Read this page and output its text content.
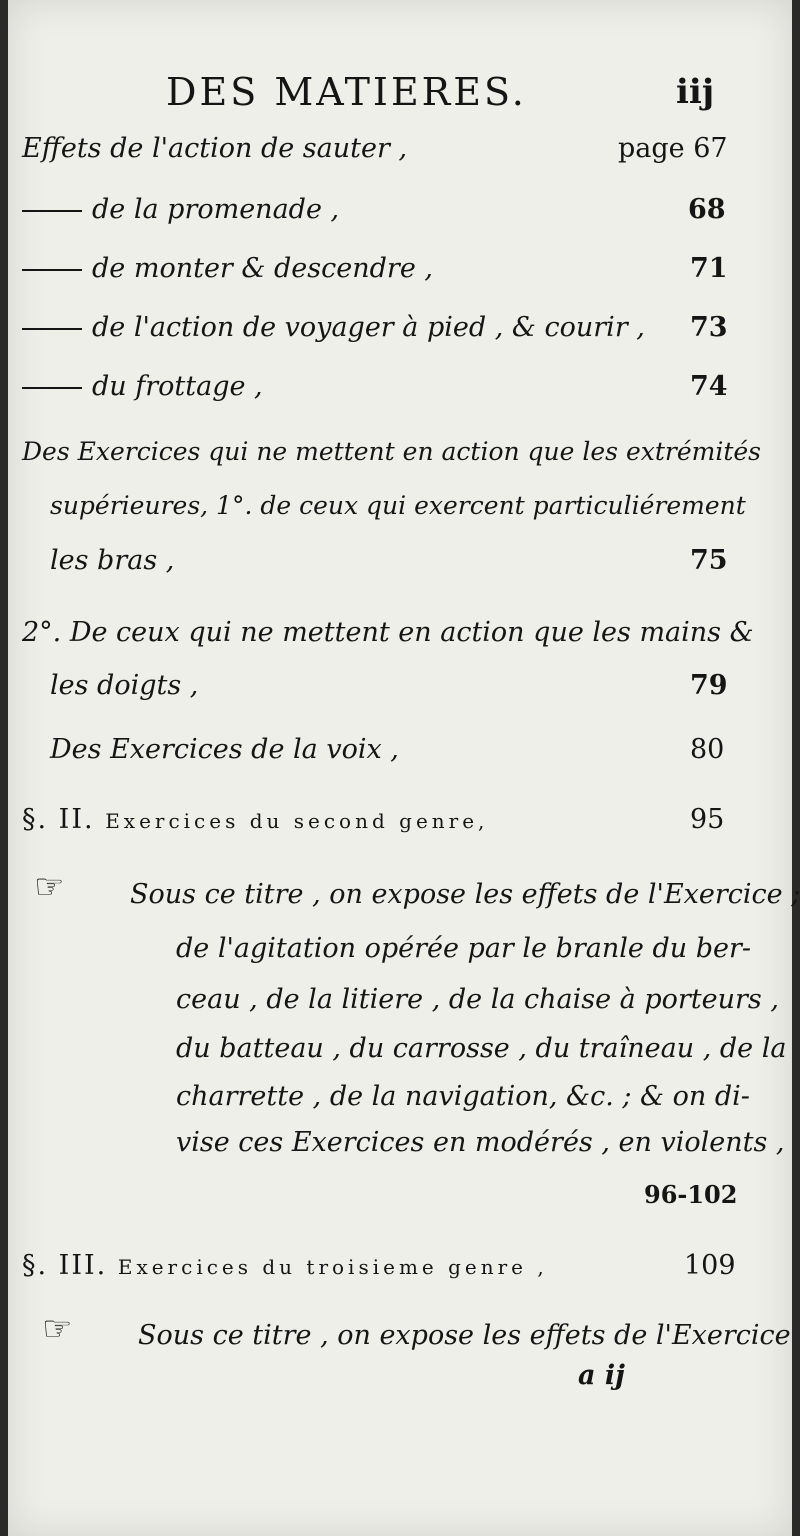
DES MATIERES.	iij
Effets de l'action de sauter ,	page 67
de la promenade ,	68
de monter & descendre ,	71
de l'action de voyager à pied , & courir , 73
du frottage ,	74
Des Exercices qui ne mettent en action que les extrémités
supérieures, 1°. de ceux qui exercent particuliérement
les bras ,	75
2°. De ceux qui ne mettent en action que les mains &
les doigts ,	79
Des Exercices de la voix ,	80
§. II. Exercices du second genre,	95
☞	Sous ce titre , on expose les effets de l'Exercice ;
de l'agitation opérée par le branle du ber-
ceau , de la litiere , de la chaise à porteurs ,
du batteau , du carrosse , du traîneau , de la
charrette , de la navigation, &c. ; & on di-
vise ces Exercices en modérés , en violents ,
96-102
§. III. Exercices du troisieme genre ,	109
☞	Sous ce titre , on expose les effets de l'Exercice
a ij
